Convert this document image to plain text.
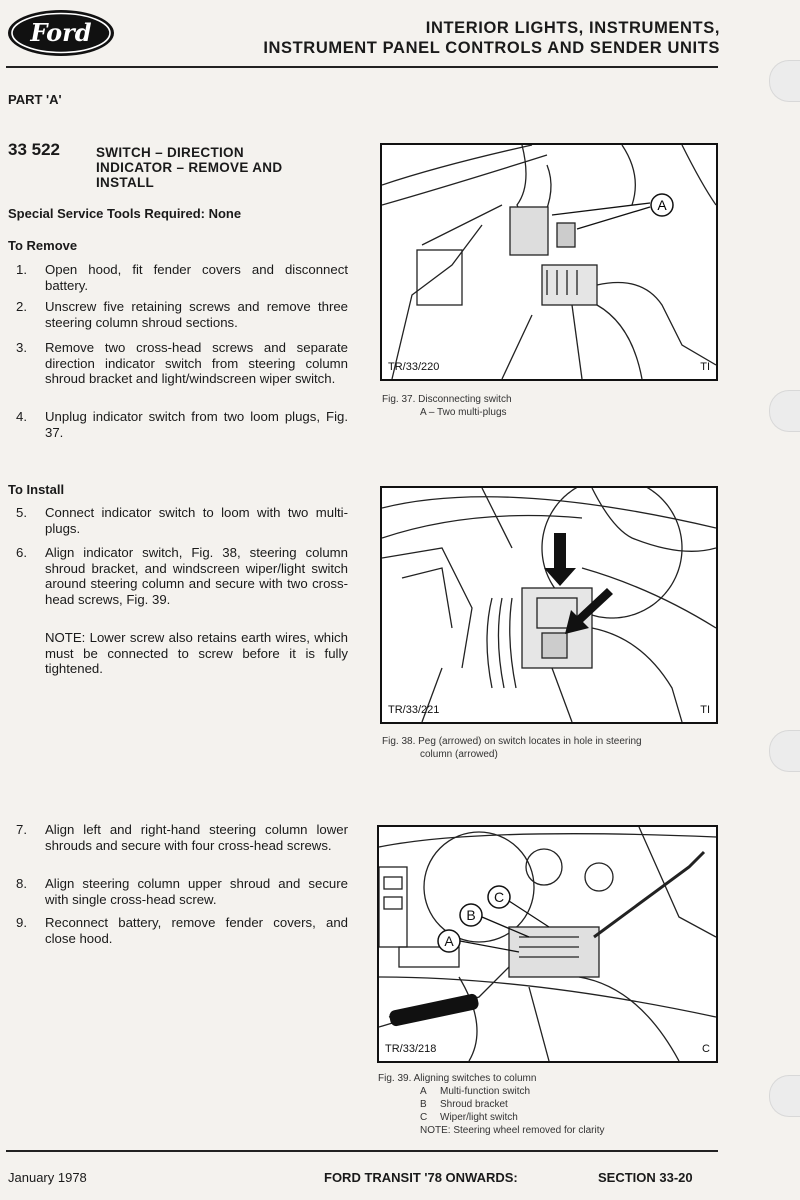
Ford	INTERIOR LIGHTS, INSTRUMENTS,
INSTRUMENT PANEL CONTROLS AND SENDER UNITS
PART 'A'
33 522	SWITCH – DIRECTION
INDICATOR – REMOVE AND
INSTALL
Special Service Tools Required: None
To Remove
1. Open hood, fit fender covers and disconnect battery.
2. Unscrew five retaining screws and remove three steering column shroud sections.
3. Remove two cross-head screws and separate direction indicator switch from steering column shroud bracket and light/windscreen wiper switch.
4. Unplug indicator switch from two loom plugs, Fig. 37.
To Install
5. Connect indicator switch to loom with two multi-plugs.
6. Align indicator switch, Fig. 38, steering column shroud bracket, and windscreen wiper/light switch around steering column and secure with two cross-head screws, Fig. 39.
NOTE: Lower screw also retains earth wires, which must be connected to screw before it is fully tightened.
7. Align left and right-hand steering column lower shrouds and secure with four cross-head screws.
8. Align steering column upper shroud and secure with single cross-head screw.
9. Reconnect battery, remove fender covers, and close hood.
A
TR/33/220	TI
Fig. 37. Disconnecting switch
A – Two multi-plugs
TR/33/221	TI
Fig. 38. Peg (arrowed) on switch locates in hole in steering
column (arrowed)
A
B
C
TR/33/218	C
Fig. 39. Aligning switches to column
A Multi-function switch
B Shroud bracket
C Wiper/light switch
NOTE: Steering wheel removed for clarity
January 1978	FORD TRANSIT '78 ONWARDS:	SECTION 33-20
